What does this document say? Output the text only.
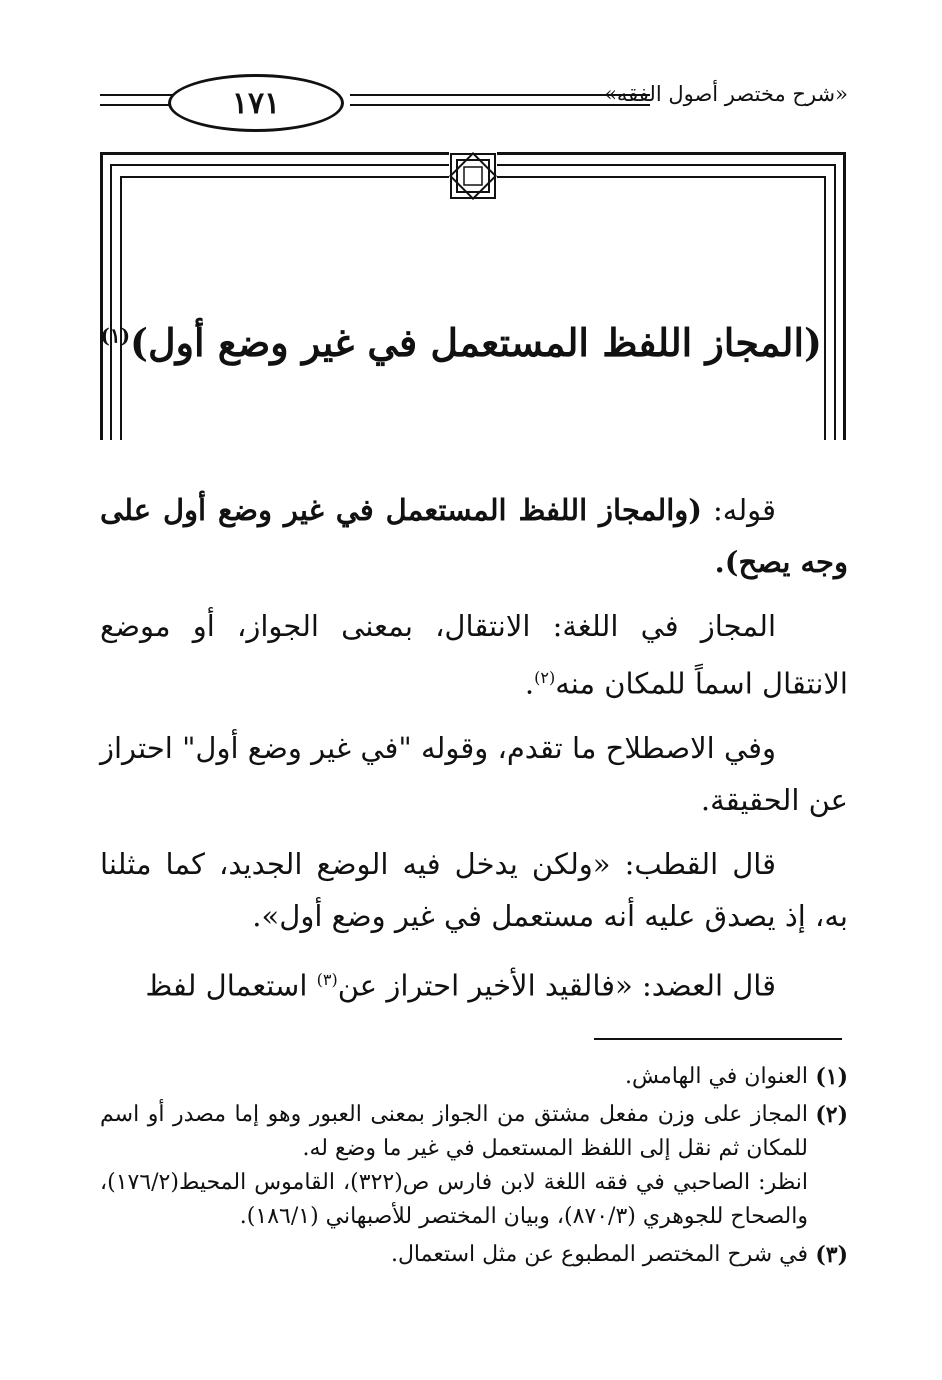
١٧١	«شرح مختصر أصول الفقه»
(المجاز اللفظ المستعمل في غير وضع أول)$^{(١)}$

قوله: (والمجاز اللفظ المستعمل في غير وضع أول على وجه يصح).

المجاز في اللغة: الانتقال، بمعنى الجواز، أو موضع الانتقال اسماً للمكان منه$^{(٢)}$.

وفي الاصطلاح ما تقدم، وقوله "في غير وضع أول" احتراز عن الحقيقة.

قال القطب: «ولكن يدخل فيه الوضع الجديد، كما مثلنا به، إذ يصدق عليه أنه مستعمل في غير وضع أول».

قال العضد: «فالقيد الأخير احتراز عن$^{(٣)}$ استعمال لفظ

(١)

العنوان في الهامش.

(٢)

المجاز على وزن مفعل مشتق من الجواز بمعنى العبور وهو إما مصدر أو اسم للمكان ثم نقل إلى اللفظ المستعمل في غير ما وضع له.

انظر: الصاحبي في فقه اللغة لابن فارس ص(٣٢٢)، القاموس المحيط(١٧٦/٢)، والصحاح للجوهري (٨٧٠/٣)، وبيان المختصر للأصبهاني (١٨٦/١).

(٣)

في شرح المختصر المطبوع عن مثل استعمال.
